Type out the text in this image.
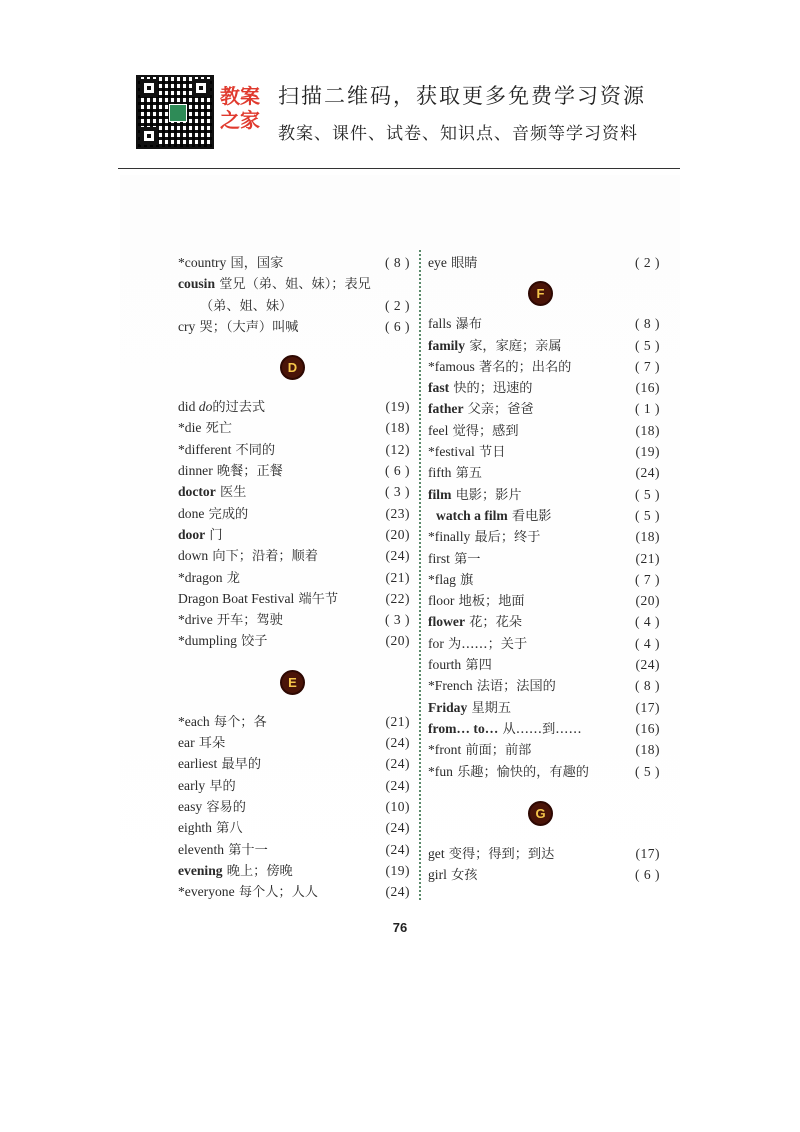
教案
之家
扫描二维码，获取更多免费学习资源
教案、课件、试卷、知识点、音频等学习资料
*country 国，国家	( 8 )
cousin 堂兄（弟、姐、妹）；表兄
（弟、姐、妹）	( 2 )
cry 哭；（大声）叫喊	( 6 )
D
did do的过去式	(19)
*die 死亡	(18)
*different 不同的	(12)
dinner 晚餐；正餐	( 6 )
doctor 医生	( 3 )
done 完成的	(23)
door 门	(20)
down 向下；沿着；顺着	(24)
*dragon 龙	(21)
Dragon Boat Festival 端午节	(22)
*drive 开车；驾驶	( 3 )
*dumpling 饺子	(20)
E
*each 每个；各	(21)
ear 耳朵	(24)
earliest 最早的	(24)
early 早的	(24)
easy 容易的	(10)
eighth 第八	(24)
eleventh 第十一	(24)
evening 晚上；傍晚	(19)
*everyone 每个人；人人	(24)
eye 眼睛	( 2 )
F
falls 瀑布	( 8 )
family 家，家庭；亲属	( 5 )
*famous 著名的；出名的	( 7 )
fast 快的；迅速的	(16)
father 父亲；爸爸	( 1 )
feel 觉得；感到	(18)
*festival 节日	(19)
fifth 第五	(24)
film 电影；影片	( 5 )
watch a film 看电影	( 5 )
*finally 最后；终于	(18)
first 第一	(21)
*flag 旗	( 7 )
floor 地板；地面	(20)
flower 花；花朵	( 4 )
for 为……；关于	( 4 )
fourth 第四	(24)
*French 法语；法国的	( 8 )
Friday 星期五	(17)
from… to… 从……到……	(16)
*front 前面；前部	(18)
*fun 乐趣；愉快的，有趣的	( 5 )
G
get 变得；得到；到达	(17)
girl 女孩	( 6 )
76
